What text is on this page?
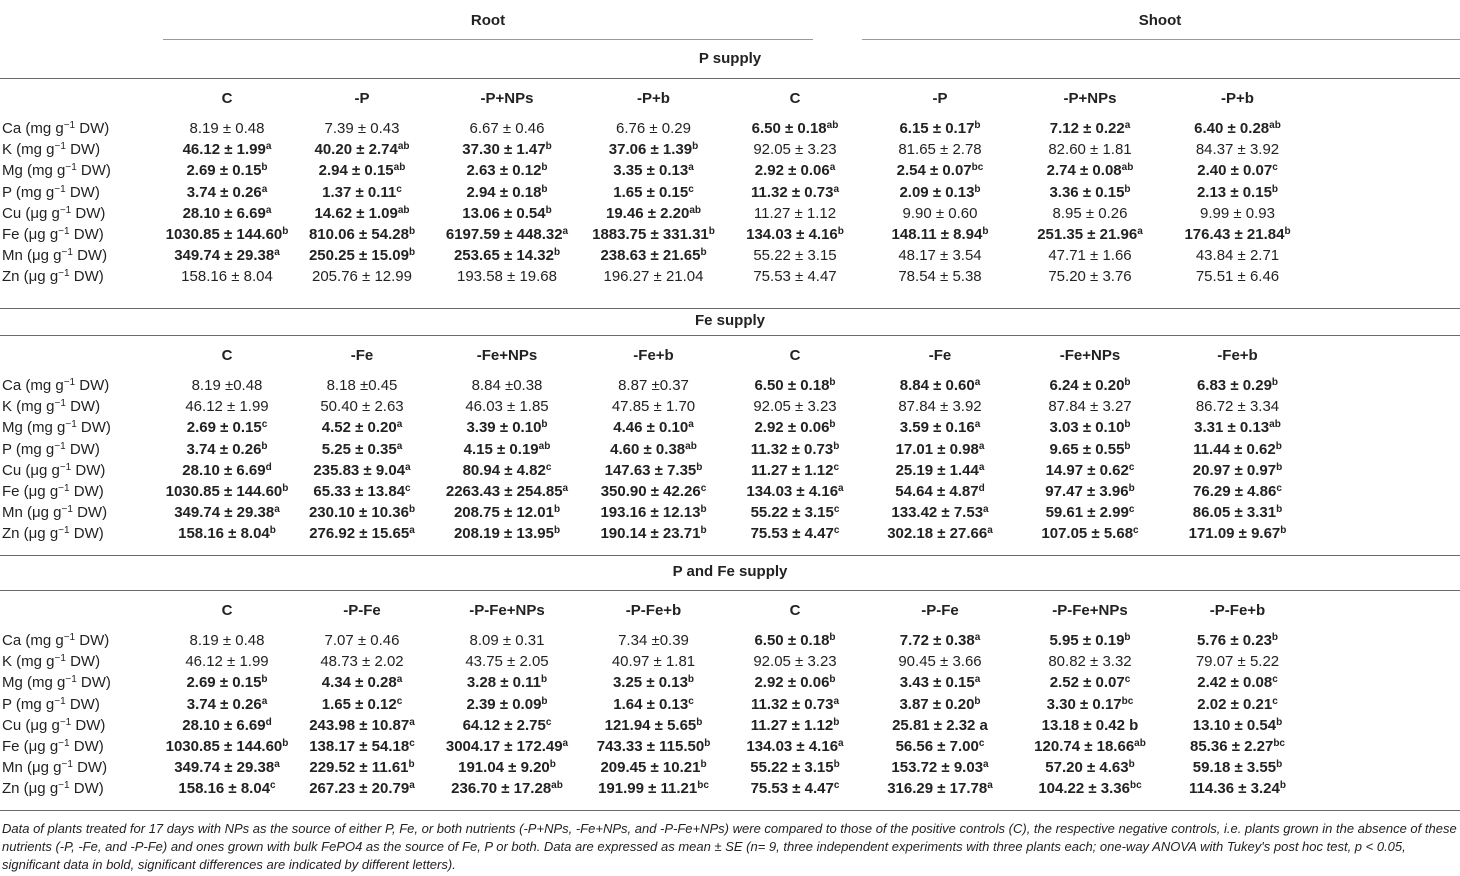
Root	Shoot
P supply
	C	-P	-P+NPs	-P+b	C	-P	-P+NPs	-P+b	
Ca (mg $g^{-1}$ DW)	8.19 ± 0.48	7.39 ± 0.43	6.67 ± 0.46	6.76 ± 0.29	6.50 ± 0.18$^{ab}$	6.15 ± 0.17$^b$	7.12 ± 0.22$^a$	6.40 ± 0.28$^{ab}$	
K (mg $g^{-1}$ DW)	46.12 ± 1.99$^a$	40.20 ± 2.74$^{ab}$	37.30 ± 1.47$^b$	37.06 ± 1.39$^b$	92.05 ± 3.23	81.65 ± 2.78	82.60 ± 1.81	84.37 ± 3.92	
Mg (mg $g^{-1}$ DW)	2.69 ± 0.15$^b$	2.94 ± 0.15$^{ab}$	2.63 ± 0.12$^b$	3.35 ± 0.13$^a$	2.92 ± 0.06$^a$	2.54 ± 0.07$^{bc}$	2.74 ± 0.08$^{ab}$	2.40 ± 0.07$^c$	
P (mg $g^{-1}$ DW)	3.74 ± 0.26$^a$	1.37 ± 0.11$^c$	2.94 ± 0.18$^b$	1.65 ± 0.15$^c$	11.32 ± 0.73$^a$	2.09 ± 0.13$^b$	3.36 ± 0.15$^b$	2.13 ± 0.15$^b$	
Cu (μg $g^{-1}$ DW)	28.10 ± 6.69$^a$	14.62 ± 1.09$^{ab}$	13.06 ± 0.54$^b$	19.46 ± 2.20$^{ab}$	11.27 ± 1.12	9.90 ± 0.60	8.95 ± 0.26	9.99 ± 0.93	
Fe (μg $g^{-1}$ DW)	1030.85 ± 144.60$^b$	810.06 ± 54.28$^b$	6197.59 ± 448.32$^a$	1883.75 ± 331.31$^b$	134.03 ± 4.16$^b$	148.11 ± 8.94$^b$	251.35 ± 21.96$^a$	176.43 ± 21.84$^b$	
Mn (μg $g^{-1}$ DW)	349.74 ± 29.38$^a$	250.25 ± 15.09$^b$	253.65 ± 14.32$^b$	238.63 ± 21.65$^b$	55.22 ± 3.15	48.17 ± 3.54	47.71 ± 1.66	43.84 ± 2.71	
Zn (μg $g^{-1}$ DW)	158.16 ± 8.04	205.76 ± 12.99	193.58 ± 19.68	196.27 ± 21.04	75.53 ± 4.47	78.54 ± 5.38	75.20 ± 3.76	75.51 ± 6.46	
Fe supply
	C	-Fe	-Fe+NPs	-Fe+b	C	-Fe	-Fe+NPs	-Fe+b	
Ca (mg $g^{-1}$ DW)	8.19 ±0.48	8.18 ±0.45	8.84 ±0.38	8.87 ±0.37	6.50 ± 0.18$^b$	8.84 ± 0.60$^a$	6.24 ± 0.20$^b$	6.83 ± 0.29$^b$	
K (mg $g^{-1}$ DW)	46.12 ± 1.99	50.40 ± 2.63	46.03 ± 1.85	47.85 ± 1.70	92.05 ± 3.23	87.84 ± 3.92	87.84 ± 3.27	86.72 ± 3.34	
Mg (mg $g^{-1}$ DW)	2.69 ± 0.15$^c$	4.52 ± 0.20$^a$	3.39 ± 0.10$^b$	4.46 ± 0.10$^a$	2.92 ± 0.06$^b$	3.59 ± 0.16$^a$	3.03 ± 0.10$^b$	3.31 ± 0.13$^{ab}$	
P (mg $g^{-1}$ DW)	3.74 ± 0.26$^b$	5.25 ± 0.35$^a$	4.15 ± 0.19$^{ab}$	4.60 ± 0.38$^{ab}$	11.32 ± 0.73$^b$	17.01 ± 0.98$^a$	9.65 ± 0.55$^b$	11.44 ± 0.62$^b$	
Cu (μg $g^{-1}$ DW)	28.10 ± 6.69$^d$	235.83 ± 9.04$^a$	80.94 ± 4.82$^c$	147.63 ± 7.35$^b$	11.27 ± 1.12$^c$	25.19 ± 1.44$^a$	14.97 ± 0.62$^c$	20.97 ± 0.97$^b$	
Fe (μg $g^{-1}$ DW)	1030.85 ± 144.60$^b$	65.33 ± 13.84$^c$	2263.43 ± 254.85$^a$	350.90 ± 42.26$^c$	134.03 ± 4.16$^a$	54.64 ± 4.87$^d$	97.47 ± 3.96$^b$	76.29 ± 4.86$^c$	
Mn (μg $g^{-1}$ DW)	349.74 ± 29.38$^a$	230.10 ± 10.36$^b$	208.75 ± 12.01$^b$	193.16 ± 12.13$^b$	55.22 ± 3.15$^c$	133.42 ± 7.53$^a$	59.61 ± 2.99$^c$	86.05 ± 3.31$^b$	
Zn (μg $g^{-1}$ DW)	158.16 ± 8.04$^b$	276.92 ± 15.65$^a$	208.19 ± 13.95$^b$	190.14 ± 23.71$^b$	75.53 ± 4.47$^c$	302.18 ± 27.66$^a$	107.05 ± 5.68$^c$	171.09 ± 9.67$^b$	
P and Fe supply
	C	-P-Fe	-P-Fe+NPs	-P-Fe+b	C	-P-Fe	-P-Fe+NPs	-P-Fe+b	
Ca (mg $g^{-1}$ DW)	8.19 ± 0.48	7.07 ± 0.46	8.09 ± 0.31	7.34 ±0.39	6.50 ± 0.18$^b$	7.72 ± 0.38$^a$	5.95 ± 0.19$^b$	5.76 ± 0.23$^b$	
K (mg $g^{-1}$ DW)	46.12 ± 1.99	48.73 ± 2.02	43.75 ± 2.05	40.97 ± 1.81	92.05 ± 3.23	90.45 ± 3.66	80.82 ± 3.32	79.07 ± 5.22	
Mg (mg $g^{-1}$ DW)	2.69 ± 0.15$^b$	4.34 ± 0.28$^a$	3.28 ± 0.11$^b$	3.25 ± 0.13$^b$	2.92 ± 0.06$^b$	3.43 ± 0.15$^a$	2.52 ± 0.07$^c$	2.42 ± 0.08$^c$	
P (mg $g^{-1}$ DW)	3.74 ± 0.26$^a$	1.65 ± 0.12$^c$	2.39 ± 0.09$^b$	1.64 ± 0.13$^c$	11.32 ± 0.73$^a$	3.87 ± 0.20$^b$	3.30 ± 0.17$^{bc}$	2.02 ± 0.21$^c$	
Cu (μg $g^{-1}$ DW)	28.10 ± 6.69$^d$	243.98 ± 10.87$^a$	64.12 ± 2.75$^c$	121.94 ± 5.65$^b$	11.27 ± 1.12$^b$	25.81 ± 2.32 a	13.18 ± 0.42 b	13.10 ± 0.54$^b$	
Fe (μg $g^{-1}$ DW)	1030.85 ± 144.60$^b$	138.17 ± 54.18$^c$	3004.17 ± 172.49$^a$	743.33 ± 115.50$^b$	134.03 ± 4.16$^a$	56.56 ± 7.00$^c$	120.74 ± 18.66$^{ab}$	85.36 ± 2.27$^{bc}$	
Mn (μg $g^{-1}$ DW)	349.74 ± 29.38$^a$	229.52 ± 11.61$^b$	191.04 ± 9.20$^b$	209.45 ± 10.21$^b$	55.22 ± 3.15$^b$	153.72 ± 9.03$^a$	57.20 ± 4.63$^b$	59.18 ± 3.55$^b$	
Zn (μg $g^{-1}$ DW)	158.16 ± 8.04$^c$	267.23 ± 20.79$^a$	236.70 ± 17.28$^{ab}$	191.99 ± 11.21$^{bc}$	75.53 ± 4.47$^c$	316.29 ± 17.78$^a$	104.22 ± 3.36$^{bc}$	114.36 ± 3.24$^b$	
Data of plants treated for 17 days with NPs as the source of either P, Fe, or both nutrients (-P+NPs, -Fe+NPs, and -P-Fe+NPs) were compared to those of the positive controls (C), the respective negative controls, i.e. plants grown in the absence of these nutrients (-P, -Fe, and -P-Fe) and ones grown with bulk FePO4 as the source of Fe, P or both. Data are expressed as mean ± SE (n= 9, three independent experiments with three plants each; one-way ANOVA with Tukey's post hoc test, p < 0.05, significant data in bold, significant differences are indicated by different letters).
